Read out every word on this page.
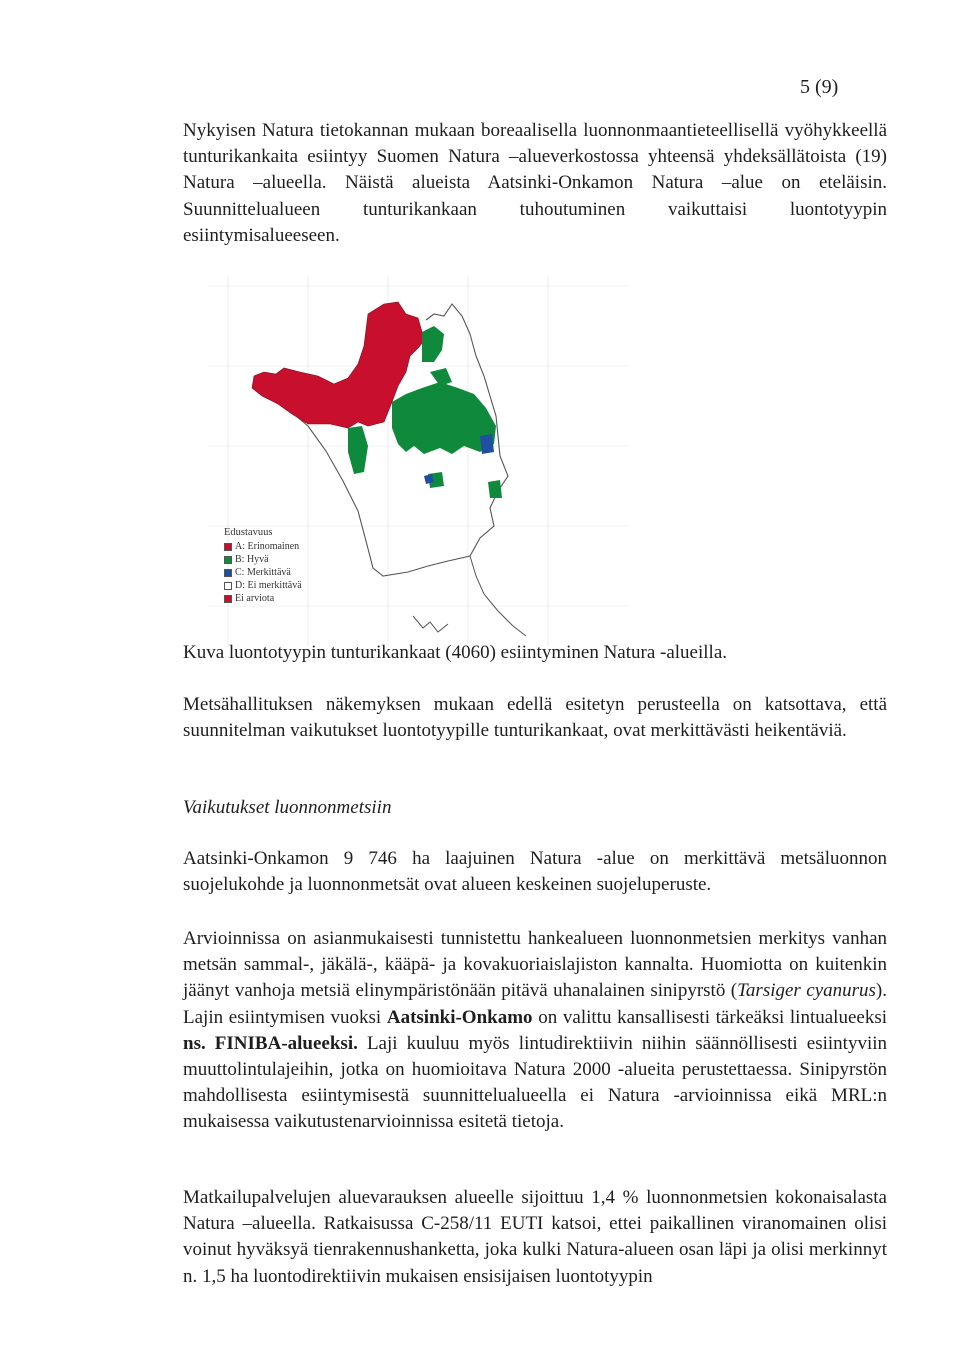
5 (9)

Nykyisen Natura tietokannan mukaan boreaalisella luonnonmaantieteellisellä vyöhykkeellä tunturikankaita esiintyy Suomen Natura –alueverkostossa yhteensä yhdeksällätoista (19) Natura –alueella. Näistä alueista Aatsinki-Onkamon Natura –alue on eteläisin. Suunnittelualueen tunturikankaan tuhoutuminen vaikuttaisi luontotyypin esiintymisalueeseen.

Edustavuus
A: Erinomainen
B: Hyvä
C: Merkittävä
D: Ei merkittävä
Ei arviota

Kuva luontotyypin tunturikankaat (4060) esiintyminen Natura -alueilla.

Metsähallituksen näkemyksen mukaan edellä esitetyn perusteella on katsottava, että suunnitelman vaikutukset luontotyypille tunturikankaat, ovat merkittävästi heikentäviä.

Vaikutukset luonnonmetsiin

Aatsinki-Onkamon 9 746 ha laajuinen Natura -alue on merkittävä metsäluonnon suojelukohde ja luonnonmetsät ovat alueen keskeinen suojeluperuste.

Arvioinnissa on asianmukaisesti tunnistettu hankealueen luonnonmetsien merkitys vanhan metsän sammal-, jäkälä-, kääpä- ja kovakuoriaislajiston kannalta. Huomiotta on kuitenkin jäänyt vanhoja metsiä elinympäristönään pitävä uhanalainen sinipyrstö (Tarsiger cyanurus). Lajin esiintymisen vuoksi Aatsinki-Onkamo on valittu kansallisesti tärkeäksi lintualueeksi ns. FINIBA-alueeksi. Laji kuuluu myös lintudirektiivin niihin säännöllisesti esiintyviin muuttolintulajeihin, jotka on huomioitava Natura 2000 -alueita perustettaessa. Sinipyrstön mahdollisesta esiintymisestä suunnittelualueella ei Natura -arvioinnissa eikä MRL:n mukaisessa vaikutustenarvioinnissa esitetä tietoja.

Matkailupalvelujen aluevarauksen alueelle sijoittuu 1,4 % luonnonmetsien kokonaisalasta Natura –alueella. Ratkaisussa C-258/11 EUTI katsoi, ettei paikallinen viranomainen olisi voinut hyväksyä tienrakennushanketta, joka kulki Natura-alueen osan läpi ja olisi merkinnyt n. 1,5 ha luontodirektiivin mukaisen ensisijaisen luontotyypin
